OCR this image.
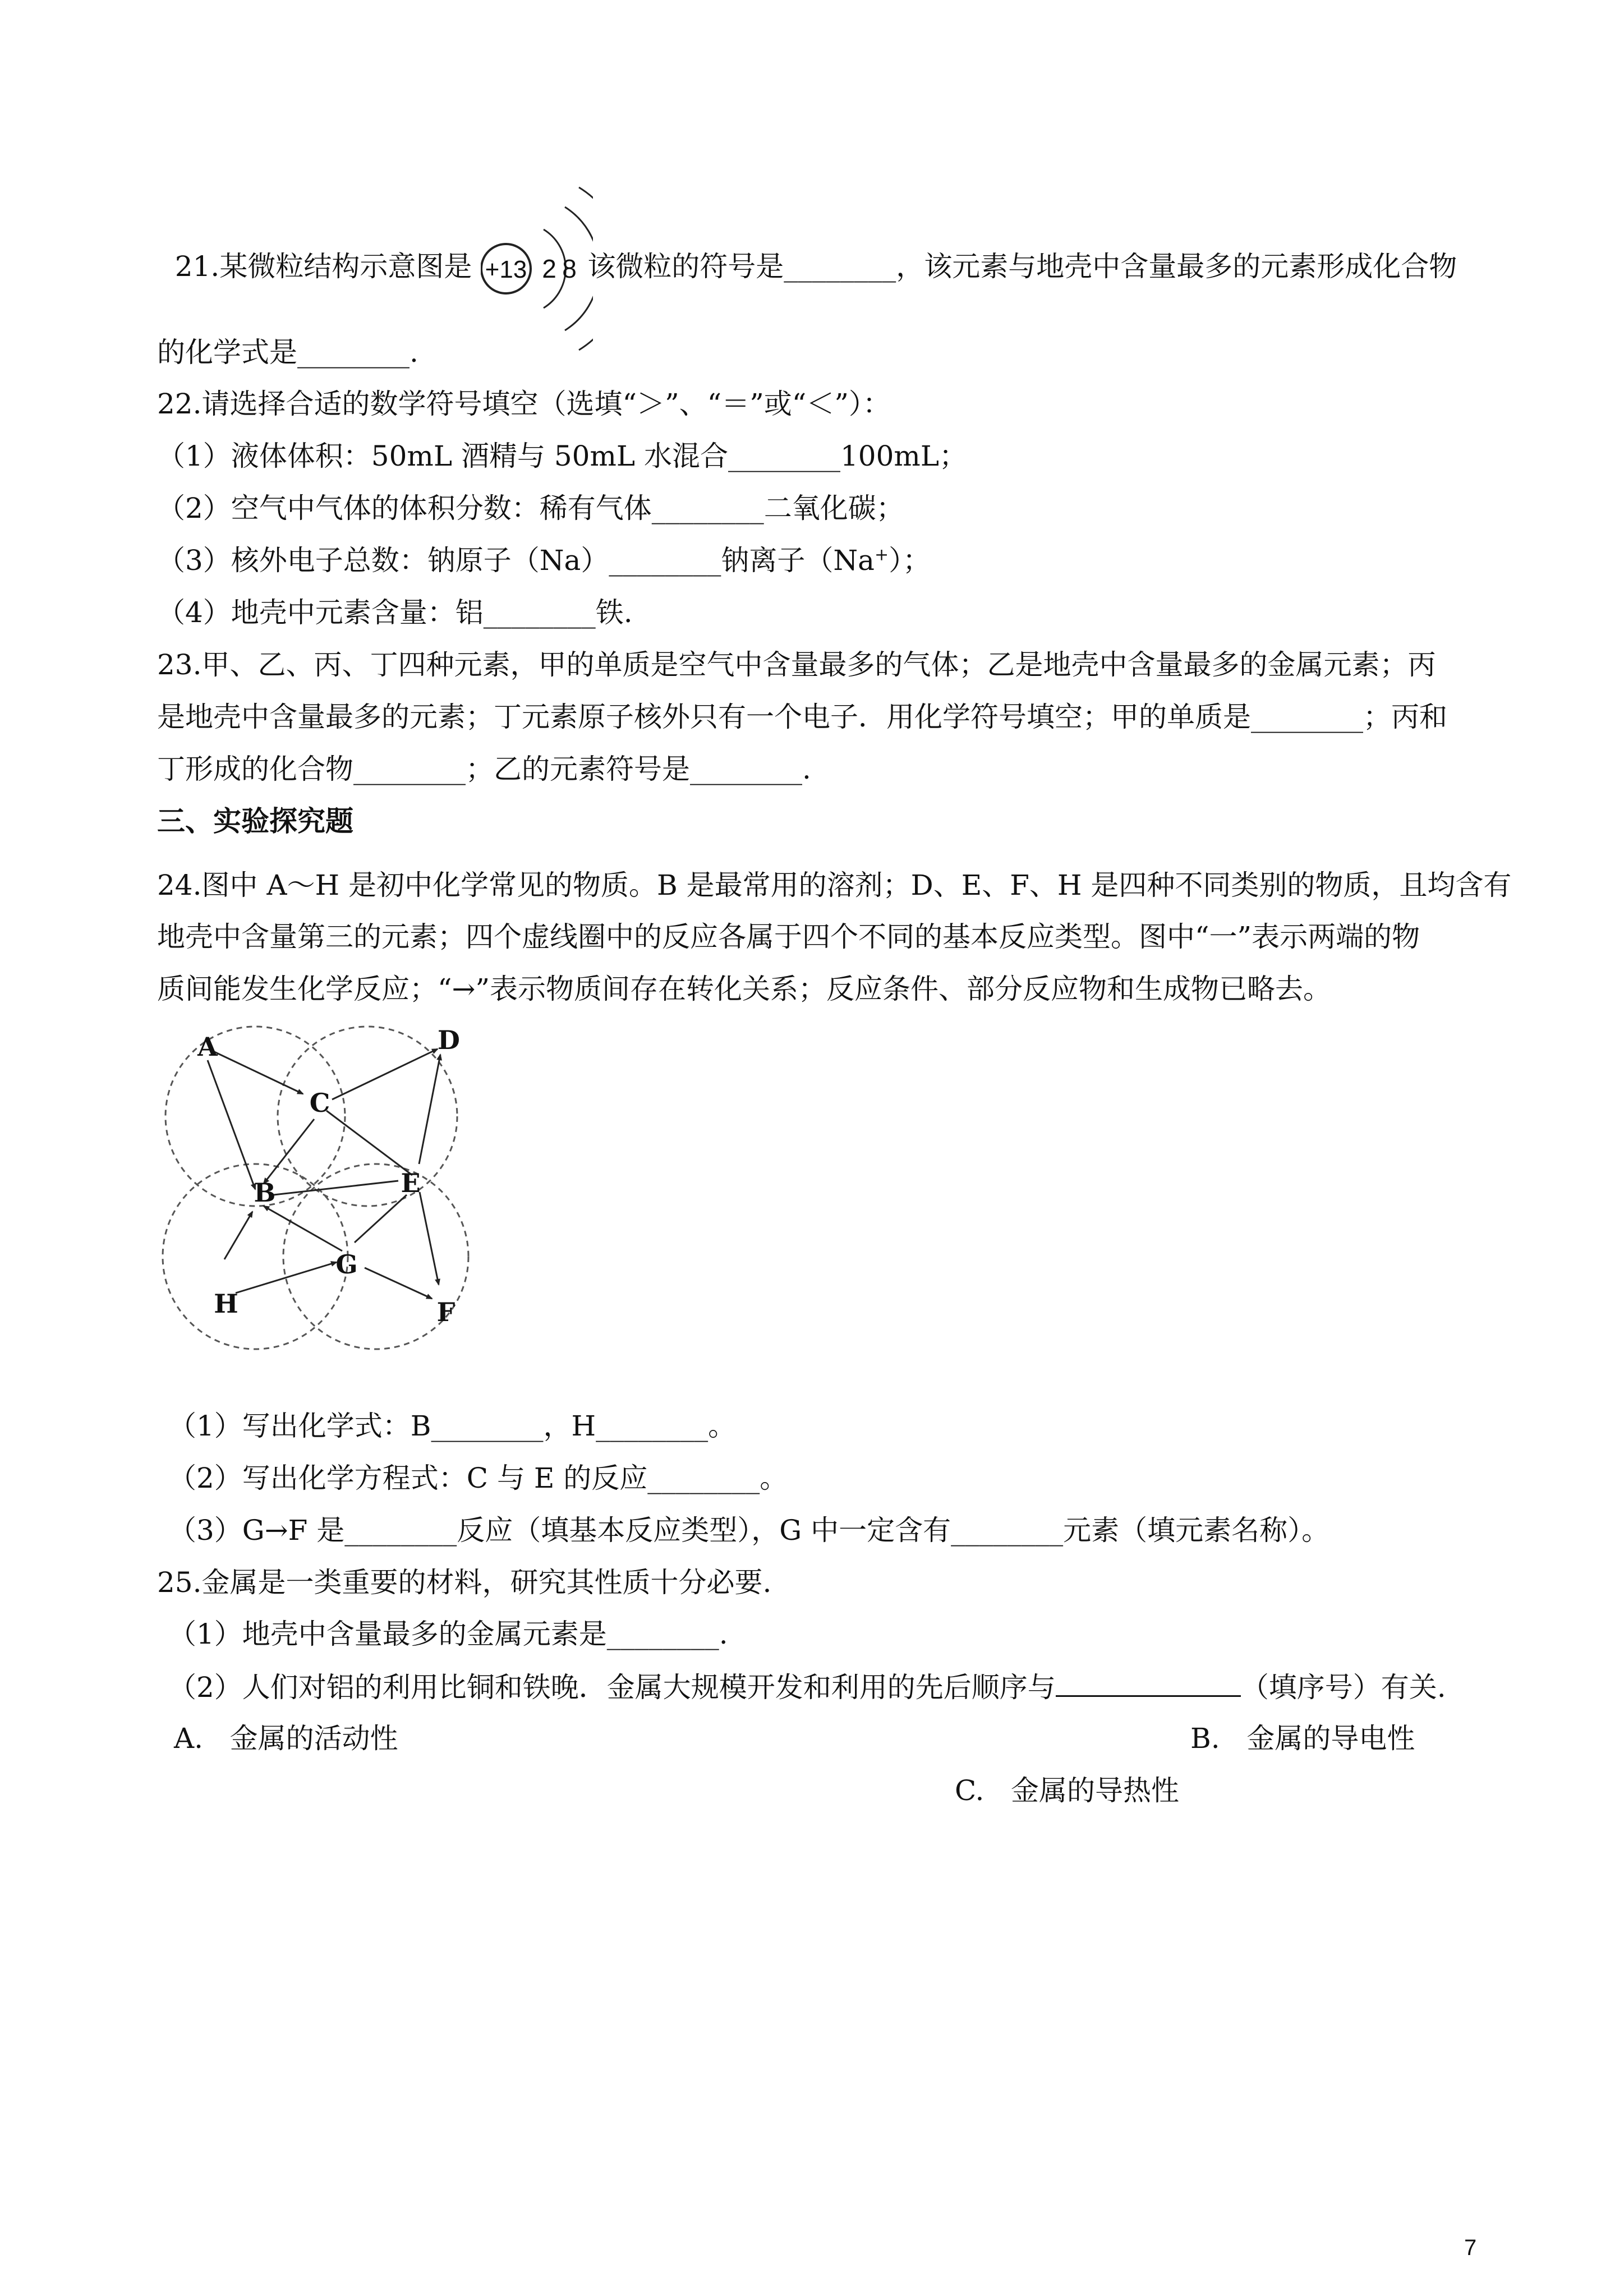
21.某微粒结构示意图是 +13 2 8 该微粒的符号是________，该元素与地壳中含量最多的元素形成化合物

的化学式是________.
22.请选择合适的数学符号填空（选填“＞”、“＝”或“＜”）：
（1）液体体积：50mL 酒精与 50mL 水混合________100mL；
（2）空气中气体的体积分数：稀有气体________二氧化碳；
（3）核外电子总数：钠原子（Na）________钠离子（Na+）；
（4）地壳中元素含量：铝________铁.
23.甲、乙、丙、丁四种元素，甲的单质是空气中含量最多的气体；乙是地壳中含量最多的金属元素；丙
是地壳中含量最多的元素；丁元素原子核外只有一个电子．用化学符号填空；甲的单质是________；丙和
丁形成的化合物________；乙的元素符号是________.
三、实验探究题
24.图中 A～H 是初中化学常见的物质。B 是最常用的溶剂；D、E、F、H 是四种不同类别的物质，且均含有
地壳中含量第三的元素；四个虚线圈中的反应各属于四个不同的基本反应类型。图中“一”表示两端的物
质间能发生化学反应；“→”表示物质间存在转化关系；反应条件、部分反应物和生成物已略去。
A
C
D
B	E
G
H	F
（1）写出化学式：B________，H________。
（2）写出化学方程式：C 与 E 的反应________。
（3）G→F 是________反应（填基本反应类型），G 中一定含有________元素（填元素名称）。
25.金属是一类重要的材料，研究其性质十分必要.
（1）地壳中含量最多的金属元素是________.
（2）人们对铝的利用比铜和铁晚．金属大规模开发和利用的先后顺序与	（填序号）有关.
A.   金属的活动性	B.   金属的导电性
C.   金属的导热性
7
